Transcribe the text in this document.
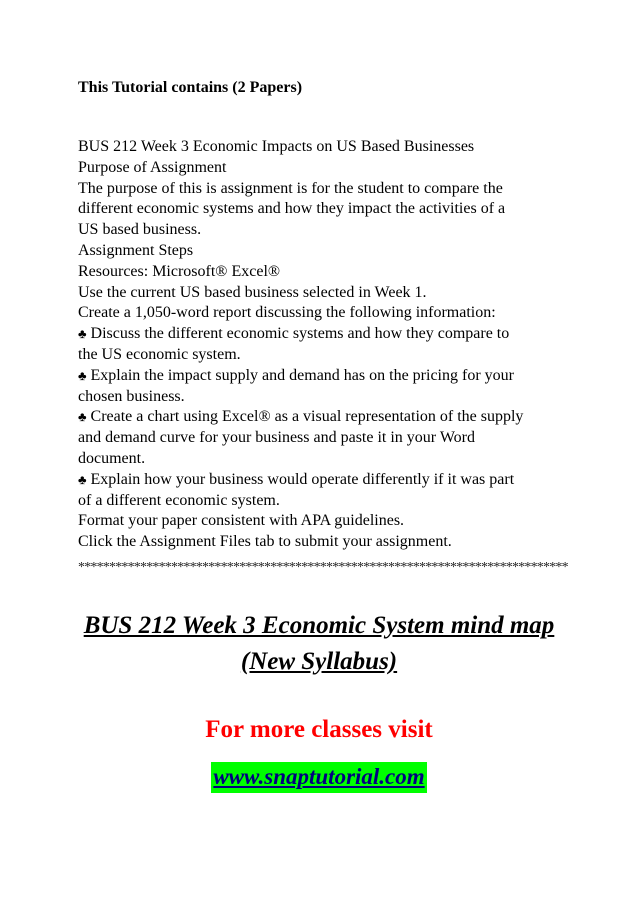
This Tutorial contains (2 Papers)
BUS 212 Week 3 Economic Impacts on US Based Businesses
Purpose of Assignment
The purpose of this is assignment is for the student to compare the
different economic systems and how they impact the activities of a
US based business.
Assignment Steps
Resources: Microsoft® Excel®
Use the current US based business selected in Week 1.
Create a 1,050-word report discussing the following information:
♣ Discuss the different economic systems and how they compare to
the US economic system.
♣ Explain the impact supply and demand has on the pricing for your
chosen business.
♣ Create a chart using Excel® as a visual representation of the supply
and demand curve for your business and paste it in your Word
document.
♣ Explain how your business would operate differently if it was part
of a different economic system.
Format your paper consistent with APA guidelines.
Click the Assignment Files tab to submit your assignment.
*******************************************************************************
BUS 212 Week 3 Economic System mind map
(New Syllabus)
For more classes visit
www.snaptutorial.com
